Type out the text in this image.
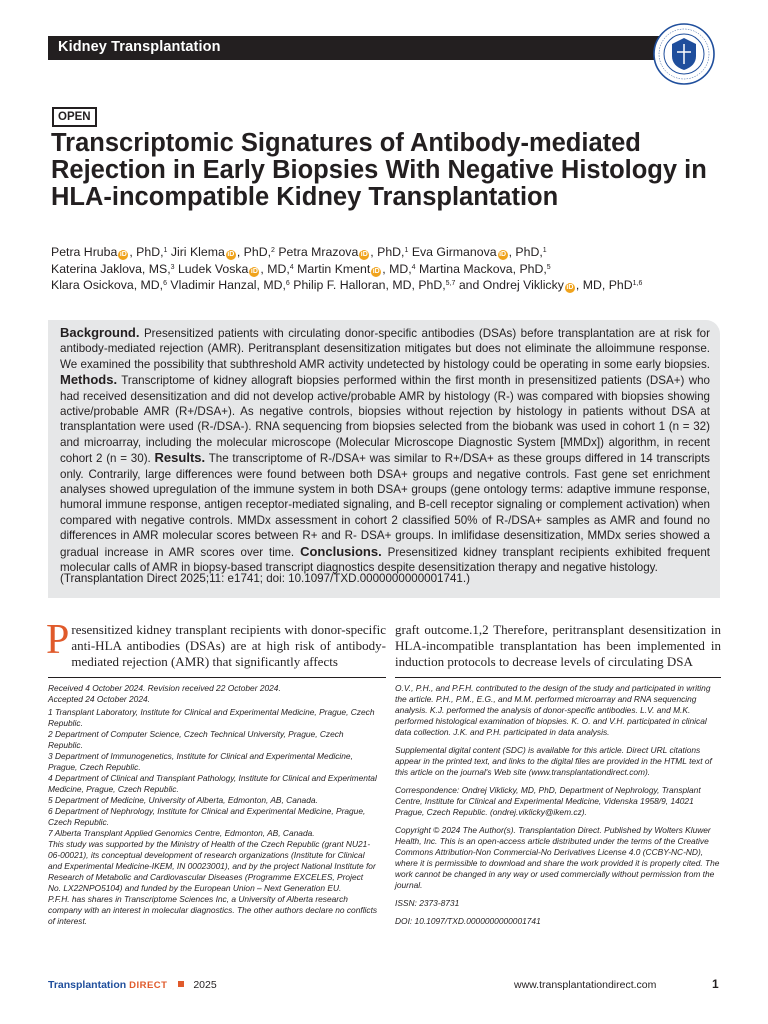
Kidney Transplantation
OPEN
Transcriptomic Signatures of Antibody-mediated Rejection in Early Biopsies With Negative Histology in HLA-incompatible Kidney Transplantation
Petra Hruba iD , PhD,$^1$ Jiri Klema iD , PhD,$^2$ Petra Mrazova iD , PhD,$^1$ Eva Girmanova iD , PhD,$^1$
Katerina Jaklova, MS,$^3$ Ludek Voska iD , MD,$^4$ Martin Kment iD , MD,$^4$ Martina Mackova, PhD,$^5$
Klara Osickova, MD,$^6$ Vladimir Hanzal, MD,$^6$ Philip F. Halloran, MD, PhD,$^{5,7}$ and Ondrej Viklicky iD , MD, PhD$^{1,6}$

Background. Presensitized patients with circulating donor-specific antibodies (DSAs) before transplantation are at risk for antibody-mediated rejection (AMR). Peritransplant desensitization mitigates but does not eliminate the alloimmune response. We examined the possibility that subthreshold AMR activity undetected by histology could be operating in some early biopsies. Methods. Transcriptome of kidney allograft biopsies performed within the first month in presensitized patients (DSA+) who had received desensitization and did not develop active/probable AMR by histology (R-) was compared with biopsies showing active/probable AMR (R+/DSA+). As negative controls, biopsies without rejection by histology in patients without DSA at transplantation were used (R-/DSA-). RNA sequencing from biopsies selected from the biobank was used in cohort 1 (n = 32) and microarray, including the molecular microscope (Molecular Microscope Diagnostic System [MMDx]) algorithm, in recent cohort 2 (n = 30). Results. The transcriptome of R-/DSA+ was similar to R+/DSA+ as these groups differed in 14 transcripts only. Contrarily, large differences were found between both DSA+ groups and negative controls. Fast gene set enrichment analyses showed upregulation of the immune system in both DSA+ groups (gene ontology terms: adaptive immune response, humoral immune response, antigen receptor-mediated signaling, and B-cell receptor signaling or complement activation) when compared with negative controls. MMDx assessment in cohort 2 classified 50% of R-/DSA+ samples as AMR and found no differences in AMR molecular scores between R+ and R- DSA+ groups. In imlifidase desensitization, MMDx series showed a gradual increase in AMR scores over time. Conclusions. Presensitized kidney transplant recipients exhibited frequent molecular calls of AMR in biopsy-based transcript diagnostics despite desensitization therapy and negative histology.

(Transplantation Direct 2025;11: e1741; doi: 10.1097/TXD.0000000000001741.)

Presensitized kidney transplant recipients with donor-specific anti-HLA antibodies (DSAs) are at high risk of antibody-mediated rejection (AMR) that significantly affects

graft outcome.1,2 Therefore, peritransplant desensitization in HLA-incompatible transplantation has been implemented in induction protocols to decrease levels of circulating DSA

Received 4 October 2024. Revision received 22 October 2024.
Accepted 24 October 2024.
1 Transplant Laboratory, Institute for Clinical and Experimental Medicine, Prague, Czech Republic.
2 Department of Computer Science, Czech Technical University, Prague, Czech Republic.
3 Department of Immunogenetics, Institute for Clinical and Experimental Medicine, Prague, Czech Republic.
4 Department of Clinical and Transplant Pathology, Institute for Clinical and Experimental Medicine, Prague, Czech Republic.
5 Department of Medicine, University of Alberta, Edmonton, AB, Canada.
6 Department of Nephrology, Institute for Clinical and Experimental Medicine, Prague, Czech Republic.
7 Alberta Transplant Applied Genomics Centre, Edmonton, AB, Canada.
This study was supported by the Ministry of Health of the Czech Republic (grant NU21-06-00021), its conceptual development of research organizations (Institute for Clinical and Experimental Medicine-IKEM, IN 00023001), and by the project National Institute for Research of Metabolic and Cardiovascular Diseases (Programme EXCELES, Project No. LX22NPO5104) and funded by the European Union – Next Generation EU.
P.F.H. has shares in Transcriptome Sciences Inc, a University of Alberta research company with an interest in molecular diagnostics. The other authors declare no conflicts of interest.

O.V., P.H., and P.F.H. contributed to the design of the study and participated in writing the article. P.H., P.M., E.G., and M.M. performed microarray and RNA sequencing analysis. K.J. performed the analysis of donor-specific antibodies. L.V. and M.K. performed histological examination of biopsies. K. O. and V.H. participated in clinical data collection. J.K. and P.H. participated in data analysis.

Supplemental digital content (SDC) is available for this article. Direct URL citations appear in the printed text, and links to the digital files are provided in the HTML text of this article on the journal's Web site (www.transplantationdirect.com).

Correspondence: Ondrej Viklicky, MD, PhD, Department of Nephrology, Transplant Centre, Institute for Clinical and Experimental Medicine, Videnska 1958/9, 14021 Prague, Czech Republic. (ondrej.viklicky@ikem.cz).

Copyright © 2024 The Author(s). Transplantation Direct. Published by Wolters Kluwer Health, Inc. This is an open-access article distributed under the terms of the Creative Commons Attribution-Non Commercial-No Derivatives License 4.0 (CCBY-NC-ND), where it is permissible to download and share the work provided it is properly cited. The work cannot be changed in any way or used commercially without permission from the journal.

ISSN: 2373-8731

DOI: 10.1097/TXD.0000000000001741

Transplantation DIRECT 2025	www.transplantationdirect.com	1
